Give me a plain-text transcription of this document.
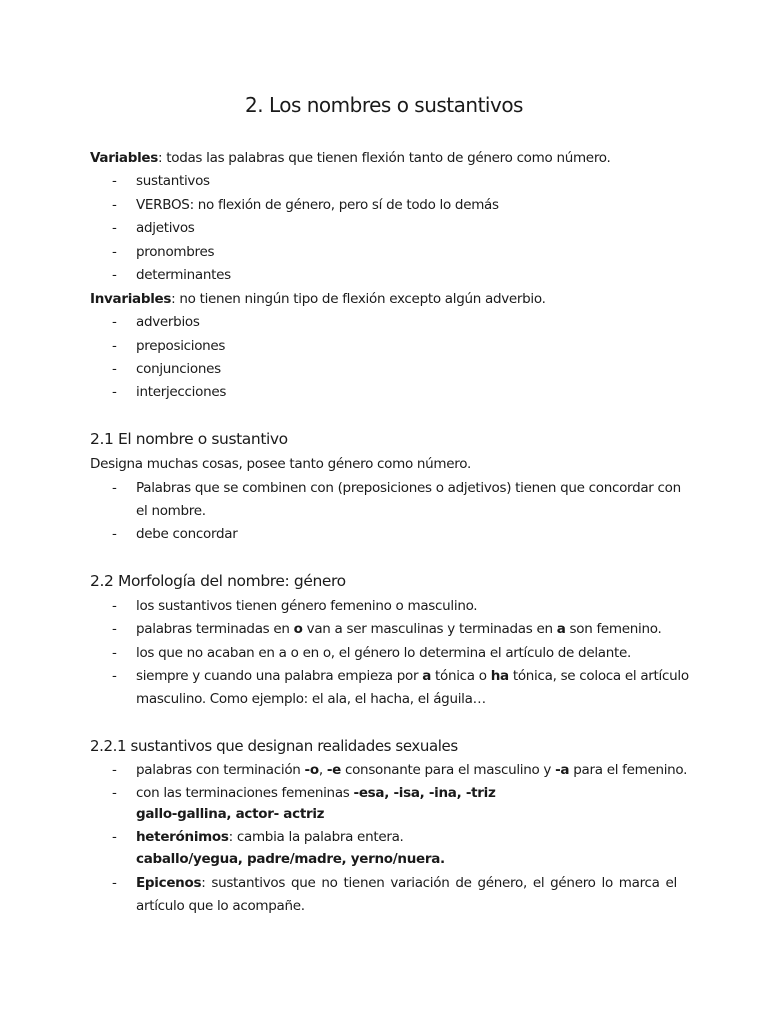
2. Los nombres o sustantivos
Variables: todas las palabras que tienen flexión tanto de género como número.
- sustantivos
- VERBOS: no flexión de género, pero sí de todo lo demás
- adjetivos
- pronombres
- determinantes
Invariables: no tienen ningún tipo de flexión excepto algún adverbio.
- adverbios
- preposiciones
- conjunciones
- interjecciones
2.1 El nombre o sustantivo
Designa muchas cosas, posee tanto género como número.
- Palabras que se combinen con (preposiciones o adjetivos) tienen que concordar con
el nombre.
- debe concordar
2.2 Morfología del nombre: género
- los sustantivos tienen género femenino o masculino.
- palabras terminadas en o van a ser masculinas y terminadas en a son femenino.
- los que no acaban en a o en o, el género lo determina el artículo de delante.
- siempre y cuando una palabra empieza por a tónica o ha tónica, se coloca el artículo
masculino. Como ejemplo: el ala, el hacha, el águila…
2.2.1 sustantivos que designan realidades sexuales
- palabras con terminación -o, -e consonante para el masculino y -a para el femenino.
- con las terminaciones femeninas -esa, -isa, -ina, -triz
gallo-gallina, actor- actriz
- heterónimos: cambia la palabra entera.
caballo/yegua, padre/madre, yerno/nuera.
- Epicenos: sustantivos que no tienen variación de género, el género lo marca el
artículo que lo acompañe.
